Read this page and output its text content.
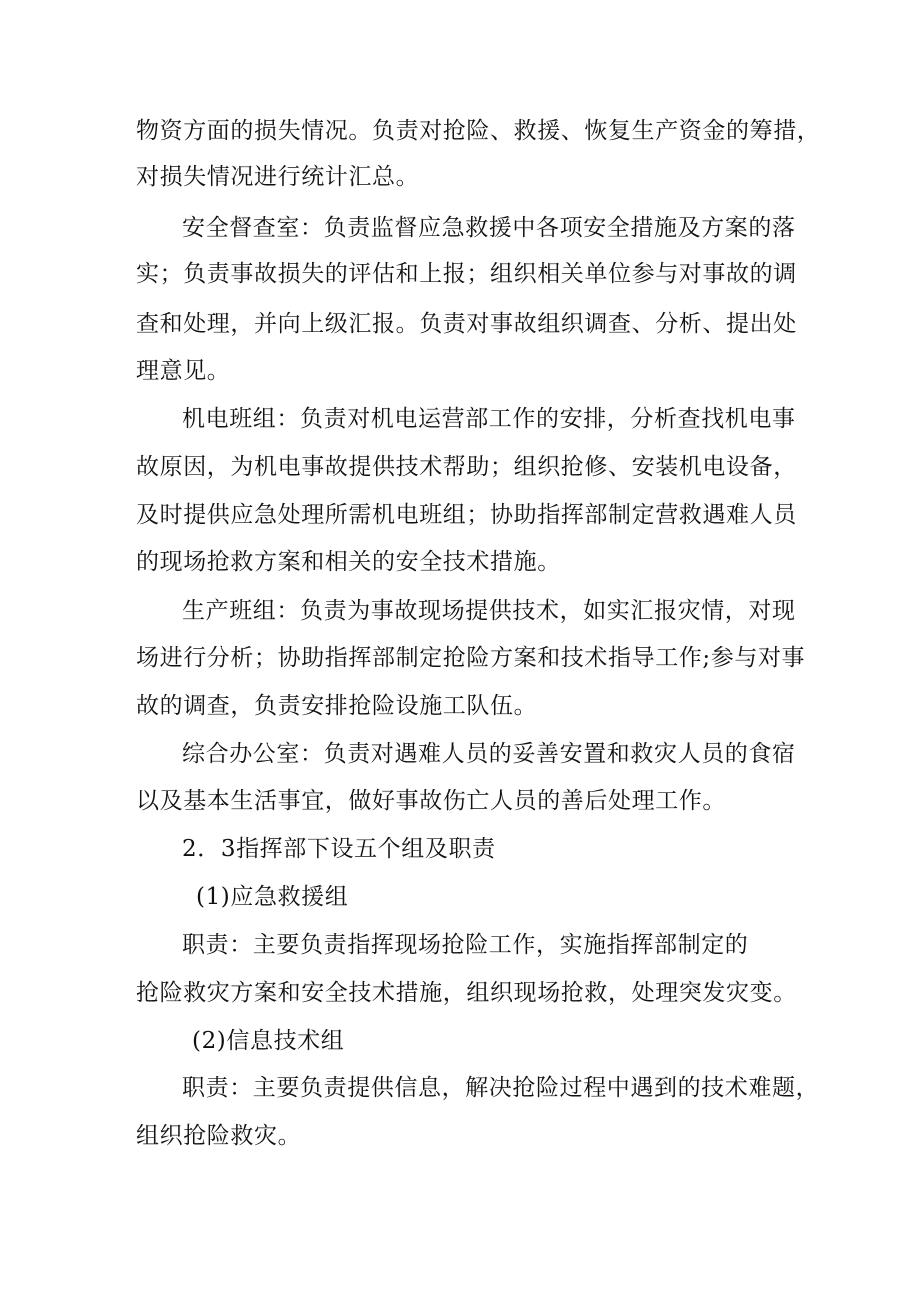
物资方面的损失情况。负责对抢险、救援、恢复生产资金的筹措，
对损失情况进行统计汇总。
安全督查室：负责监督应急救援中各项安全措施及方案的落
实；负责事故损失的评估和上报；组织相关单位参与对事故的调
查和处理，并向上级汇报。负责对事故组织调查、分析、提出处
理意见。
机电班组：负责对机电运营部工作的安排，分析查找机电事
故原因，为机电事故提供技术帮助；组织抢修、安装机电设备，
及时提供应急处理所需机电班组；协助指挥部制定营救遇难人员
的现场抢救方案和相关的安全技术措施。
生产班组：负责为事故现场提供技术，如实汇报灾情，对现
场进行分析；协助指挥部制定抢险方案和技术指导工作;参与对事
故的调查，负责安排抢险设施工队伍。
综合办公室：负责对遇难人员的妥善安置和救灾人员的食宿
以及基本生活事宜，做好事故伤亡人员的善后处理工作。
2．3指挥部下设五个组及职责
(1)应急救援组
职责：主要负责指挥现场抢险工作，实施指挥部制定的
抢险救灾方案和安全技术措施，组织现场抢救，处理突发灾变。
(2)信息技术组
职责：主要负责提供信息，解决抢险过程中遇到的技术难题，
组织抢险救灾。
